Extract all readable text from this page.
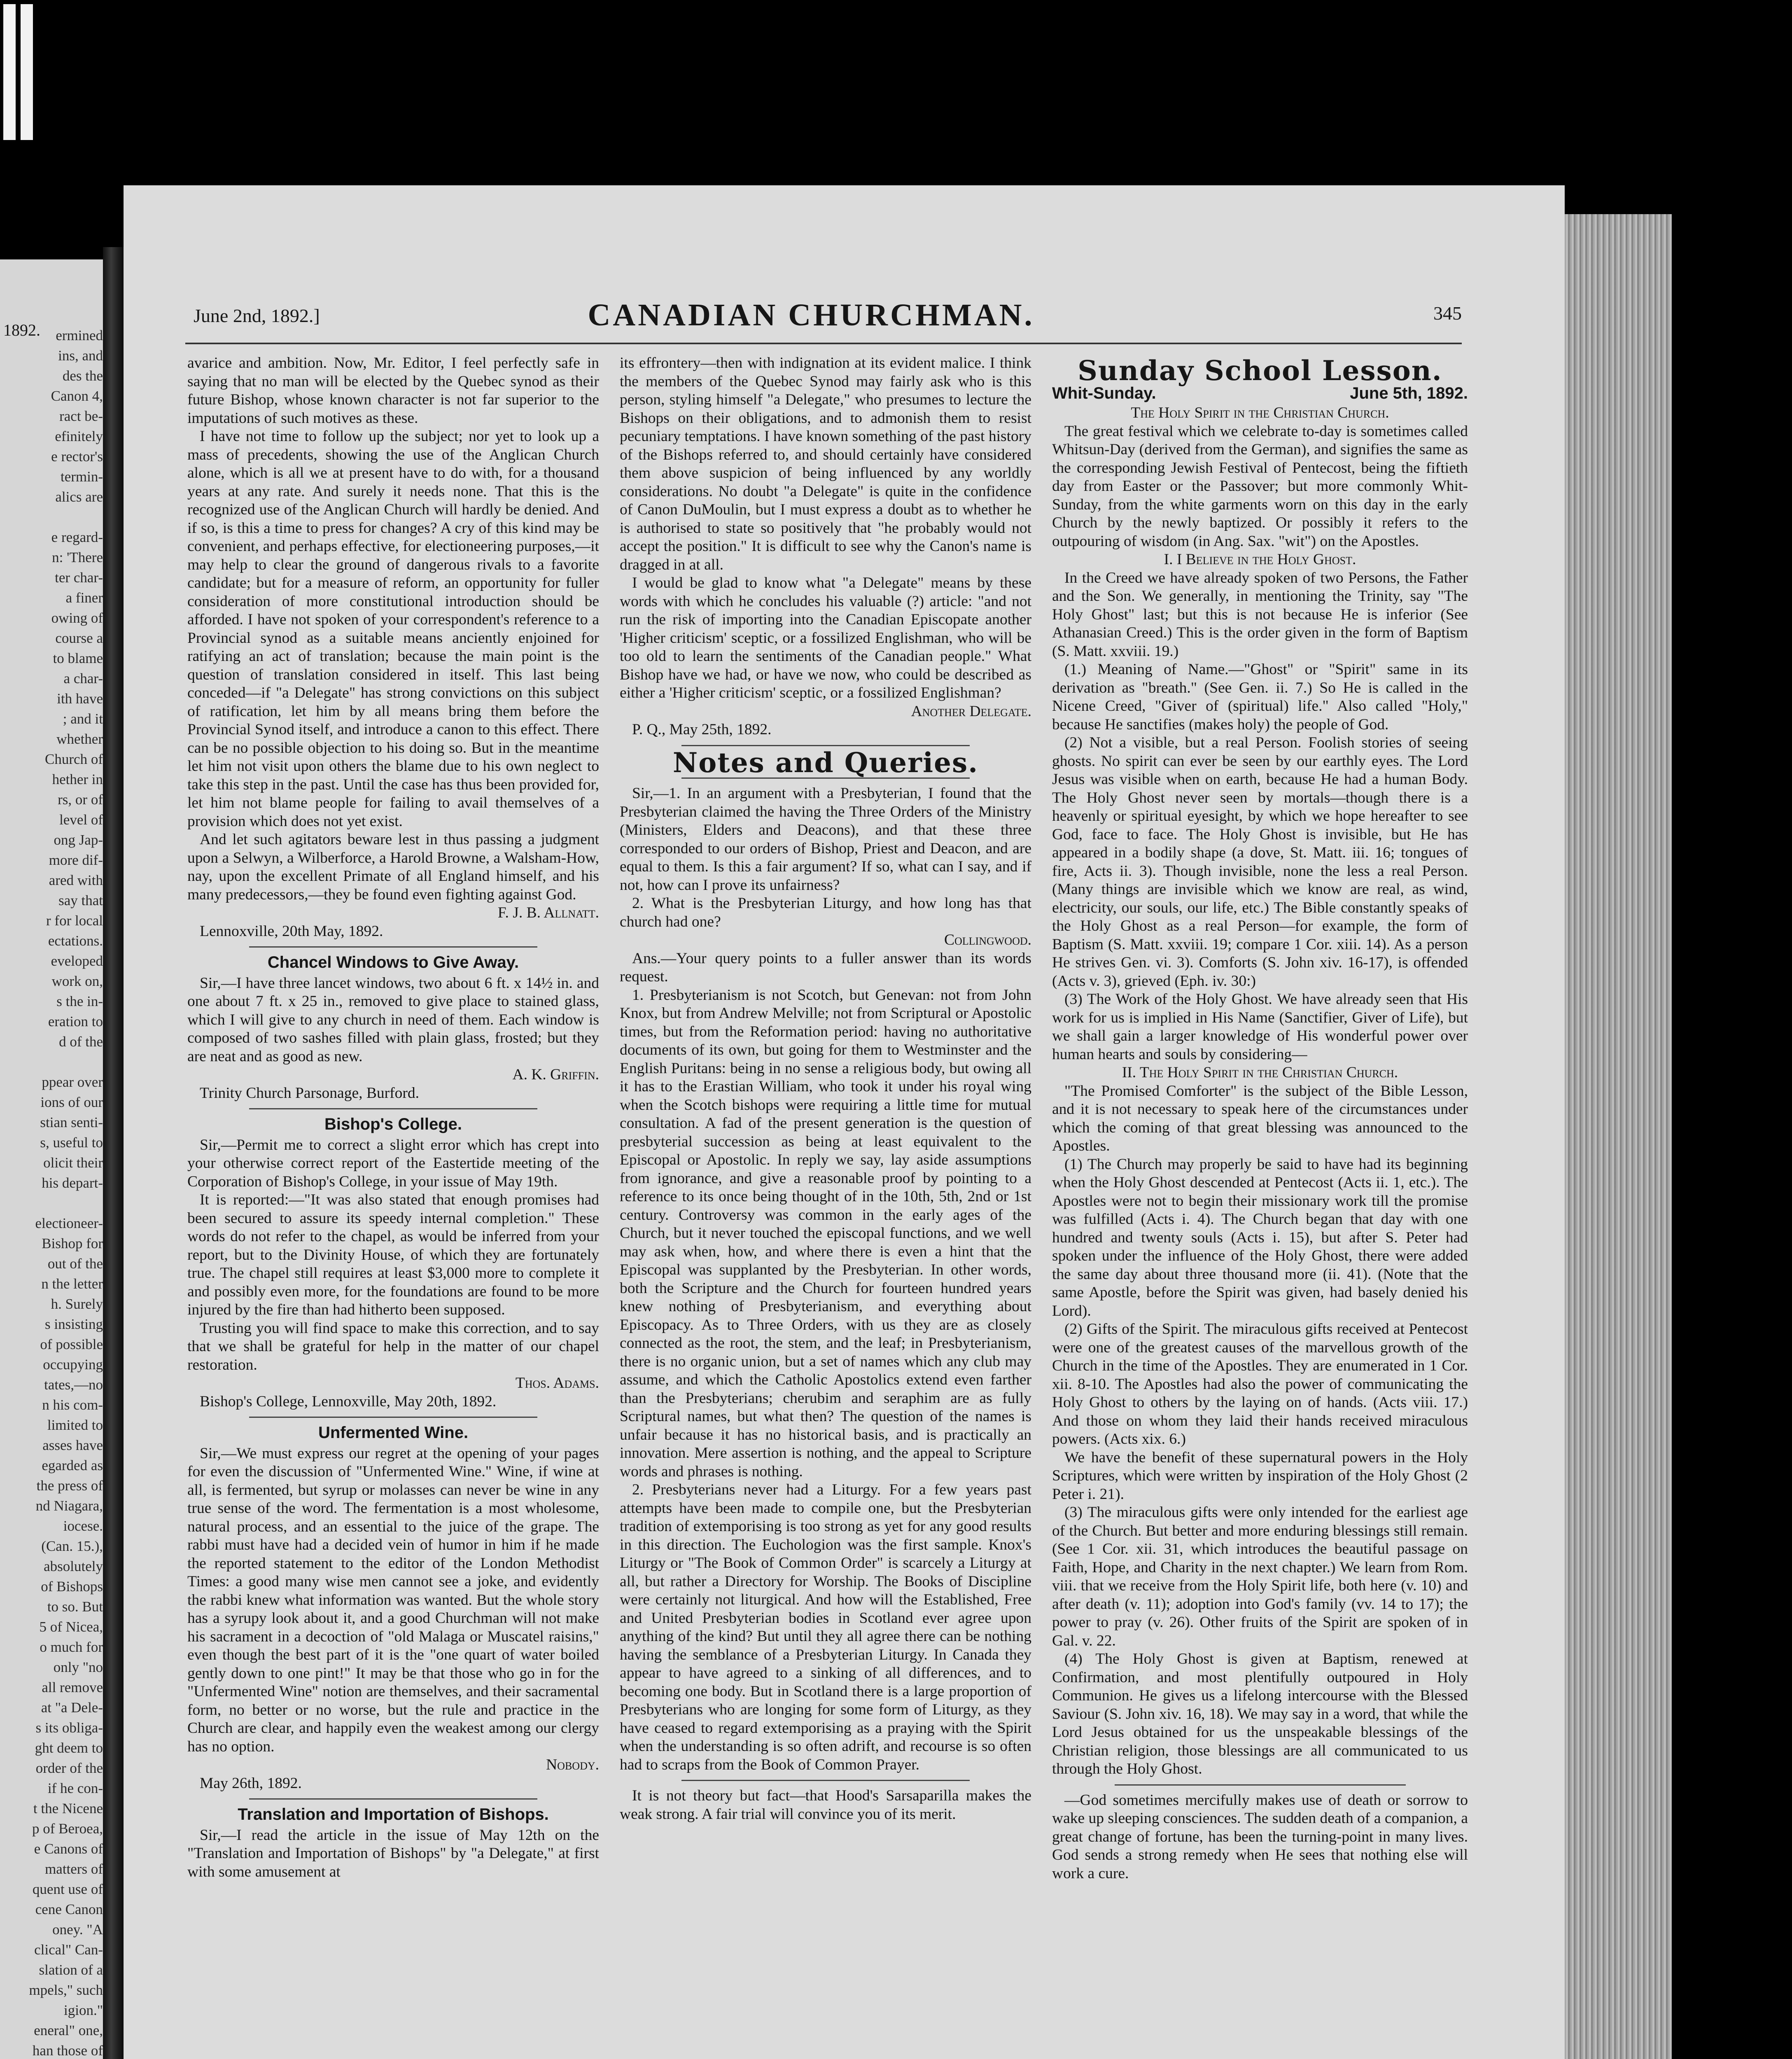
1892.	ermined
ins, and
des the
Canon 4,
ract be-
efinitely
e rector's
termin-
alics are

e regard-
n: 'There
ter char-
a finer
owing of
course a
to blame
a char-
ith have
; and it
whether
Church of
hether in
rs, or of
level of
ong Jap-
more dif-
ared with
say that
r for local
ectations.
eveloped
work on,
s the in-
eration to
d of the

ppear over
ions of our
stian senti-
s, useful to
olicit their
his depart-

electioneer-
Bishop for
out of the
n the letter
h. Surely
s insisting
of possible
occupying
tates,—no
n his com-
limited to
asses have
egarded as
the press of
nd Niagara,
iocese.
(Can. 15.),
absolutely
of Bishops
to so. But
5 of Nicea,
o much for
only "no
all remove
at "a Dele-
s its obliga-
ght deem to
order of the
if he con-
t the Nicene
p of Beroea,
e Canons of
matters of
quent use of
cene Canon
oney. "A
clical" Can-
slation of a
mpels," such
igion."
eneral" one,
han those of

June 2nd, 1892.]	CANADIAN CHURCHMAN.	345

avarice and ambition. Now, Mr. Editor, I feel perfectly safe in saying that no man will be elected by the Quebec synod as their future Bishop, whose known character is not far superior to the imputations of such motives as these.

I have not time to follow up the subject; nor yet to look up a mass of precedents, showing the use of the Anglican Church alone, which is all we at present have to do with, for a thousand years at any rate. And surely it needs none. That this is the recognized use of the Anglican Church will hardly be denied. And if so, is this a time to press for changes? A cry of this kind may be convenient, and perhaps effective, for electioneering purposes,—it may help to clear the ground of dangerous rivals to a favorite candidate; but for a measure of reform, an opportunity for fuller consideration of more constitutional introduction should be afforded. I have not spoken of your correspondent's reference to a Provincial synod as a suitable means anciently enjoined for ratifying an act of translation; because the main point is the question of translation considered in itself. This last being conceded—if "a Delegate" has strong convictions on this subject of ratification, let him by all means bring them before the Provincial Synod itself, and introduce a canon to this effect. There can be no possible objection to his doing so. But in the meantime let him not visit upon others the blame due to his own neglect to take this step in the past. Until the case has thus been provided for, let him not blame people for failing to avail themselves of a provision which does not yet exist.

And let such agitators beware lest in thus passing a judgment upon a Selwyn, a Wilberforce, a Harold Browne, a Walsham-How, nay, upon the excellent Primate of all England himself, and his many predecessors,—they be found even fighting against God.

F. J. B. Allnatt.

Lennoxville, 20th May, 1892.

Chancel Windows to Give Away.

Sir,—I have three lancet windows, two about 6 ft. x 14½ in. and one about 7 ft. x 25 in., removed to give place to stained glass, which I will give to any church in need of them. Each window is composed of two sashes filled with plain glass, frosted; but they are neat and as good as new.

A. K. Griffin.

Trinity Church Parsonage, Burford.

Bishop's College.

Sir,—Permit me to correct a slight error which has crept into your otherwise correct report of the Eastertide meeting of the Corporation of Bishop's College, in your issue of May 19th.

It is reported:—"It was also stated that enough promises had been secured to assure its speedy internal completion." These words do not refer to the chapel, as would be inferred from your report, but to the Divinity House, of which they are fortunately true. The chapel still requires at least $3,000 more to complete it and possibly even more, for the foundations are found to be more injured by the fire than had hitherto been supposed.

Trusting you will find space to make this correction, and to say that we shall be grateful for help in the matter of our chapel restoration.

Thos. Adams.

Bishop's College, Lennoxville, May 20th, 1892.

Unfermented Wine.

Sir,—We must express our regret at the opening of your pages for even the discussion of "Unfermented Wine." Wine, if wine at all, is fermented, but syrup or molasses can never be wine in any true sense of the word. The fermentation is a most wholesome, natural process, and an essential to the juice of the grape. The rabbi must have had a decided vein of humor in him if he made the reported statement to the editor of the London Methodist Times: a good many wise men cannot see a joke, and evidently the rabbi knew what information was wanted. But the whole story has a syrupy look about it, and a good Churchman will not make his sacrament in a decoction of "old Malaga or Muscatel raisins," even though the best part of it is the "one quart of water boiled gently down to one pint!" It may be that those who go in for the "Unfermented Wine" notion are themselves, and their sacramental form, no better or no worse, but the rule and practice in the Church are clear, and happily even the weakest among our clergy has no option.

Nobody.

May 26th, 1892.

Translation and Importation of Bishops.

Sir,—I read the article in the issue of May 12th on the "Translation and Importation of Bishops" by "a Delegate," at first with some amusement at

its effrontery—then with indignation at its evident malice. I think the members of the Quebec Synod may fairly ask who is this person, styling himself "a Delegate," who presumes to lecture the Bishops on their obligations, and to admonish them to resist pecuniary temptations. I have known something of the past history of the Bishops referred to, and should certainly have considered them above suspicion of being influenced by any worldly considerations. No doubt "a Delegate" is quite in the confidence of Canon DuMoulin, but I must express a doubt as to whether he is authorised to state so positively that "he probably would not accept the position." It is difficult to see why the Canon's name is dragged in at all.

I would be glad to know what "a Delegate" means by these words with which he concludes his valuable (?) article: "and not run the risk of importing into the Canadian Episcopate another 'Higher criticism' sceptic, or a fossilized Englishman, who will be too old to learn the sentiments of the Canadian people." What Bishop have we had, or have we now, who could be described as either a 'Higher criticism' sceptic, or a fossilized Englishman?

Another Delegate.

P. Q., May 25th, 1892.

Notes and Queries.

Sir,—1. In an argument with a Presbyterian, I found that the Presbyterian claimed the having the Three Orders of the Ministry (Ministers, Elders and Deacons), and that these three corresponded to our orders of Bishop, Priest and Deacon, and are equal to them. Is this a fair argument? If so, what can I say, and if not, how can I prove its unfairness?

2. What is the Presbyterian Liturgy, and how long has that church had one?

Collingwood.

Ans.—Your query points to a fuller answer than its words request.

1. Presbyterianism is not Scotch, but Genevan: not from John Knox, but from Andrew Melville; not from Scriptural or Apostolic times, but from the Reformation period: having no authoritative documents of its own, but going for them to Westminster and the English Puritans: being in no sense a religious body, but owing all it has to the Erastian William, who took it under his royal wing when the Scotch bishops were requiring a little time for mutual consultation. A fad of the present generation is the question of presbyterial succession as being at least equivalent to the Episcopal or Apostolic. In reply we say, lay aside assumptions from ignorance, and give a reasonable proof by pointing to a reference to its once being thought of in the 10th, 5th, 2nd or 1st century. Controversy was common in the early ages of the Church, but it never touched the episcopal functions, and we well may ask when, how, and where there is even a hint that the Episcopal was supplanted by the Presbyterian. In other words, both the Scripture and the Church for fourteen hundred years knew nothing of Presbyterianism, and everything about Episcopacy. As to Three Orders, with us they are as closely connected as the root, the stem, and the leaf; in Presbyterianism, there is no organic union, but a set of names which any club may assume, and which the Catholic Apostolics extend even farther than the Presbyterians; cherubim and seraphim are as fully Scriptural names, but what then? The question of the names is unfair because it has no historical basis, and is practically an innovation. Mere assertion is nothing, and the appeal to Scripture words and phrases is nothing.

2. Presbyterians never had a Liturgy. For a few years past attempts have been made to compile one, but the Presbyterian tradition of extemporising is too strong as yet for any good results in this direction. The Euchologion was the first sample. Knox's Liturgy or "The Book of Common Order" is scarcely a Liturgy at all, but rather a Directory for Worship. The Books of Discipline were certainly not liturgical. And how will the Established, Free and United Presbyterian bodies in Scotland ever agree upon anything of the kind? But until they all agree there can be nothing having the semblance of a Presbyterian Liturgy. In Canada they appear to have agreed to a sinking of all differences, and to becoming one body. But in Scotland there is a large proportion of Presbyterians who are longing for some form of Liturgy, as they have ceased to regard extemporising as a praying with the Spirit when the understanding is so often adrift, and recourse is so often had to scraps from the Book of Common Prayer.

It is not theory but fact—that Hood's Sarsaparilla makes the weak strong. A fair trial will convince you of its merit.

Sunday School Lesson.
Whit-Sunday.	June 5th, 1892.
The Holy Spirit in the Christian Church.

The great festival which we celebrate to-day is sometimes called Whitsun-Day (derived from the German), and signifies the same as the corresponding Jewish Festival of Pentecost, being the fiftieth day from Easter or the Passover; but more commonly Whit-Sunday, from the white garments worn on this day in the early Church by the newly baptized. Or possibly it refers to the outpouring of wisdom (in Ang. Sax. "wit") on the Apostles.

I. I Believe in the Holy Ghost.

In the Creed we have already spoken of two Persons, the Father and the Son. We generally, in mentioning the Trinity, say "The Holy Ghost" last; but this is not because He is inferior (See Athanasian Creed.) This is the order given in the form of Baptism (S. Matt. xxviii. 19.)

(1.) Meaning of Name.—"Ghost" or "Spirit" same in its derivation as "breath." (See Gen. ii. 7.) So He is called in the Nicene Creed, "Giver of (spiritual) life." Also called "Holy," because He sanctifies (makes holy) the people of God.

(2) Not a visible, but a real Person. Foolish stories of seeing ghosts. No spirit can ever be seen by our earthly eyes. The Lord Jesus was visible when on earth, because He had a human Body. The Holy Ghost never seen by mortals—though there is a heavenly or spiritual eyesight, by which we hope hereafter to see God, face to face. The Holy Ghost is invisible, but He has appeared in a bodily shape (a dove, St. Matt. iii. 16; tongues of fire, Acts ii. 3). Though invisible, none the less a real Person. (Many things are invisible which we know are real, as wind, electricity, our souls, our life, etc.) The Bible constantly speaks of the Holy Ghost as a real Person—for example, the form of Baptism (S. Matt. xxviii. 19; compare 1 Cor. xiii. 14). As a person He strives Gen. vi. 3). Comforts (S. John xiv. 16-17), is offended (Acts v. 3), grieved (Eph. iv. 30:)

(3) The Work of the Holy Ghost. We have already seen that His work for us is implied in His Name (Sanctifier, Giver of Life), but we shall gain a larger knowledge of His wonderful power over human hearts and souls by considering—

II. The Holy Spirit in the Christian Church.

"The Promised Comforter" is the subject of the Bible Lesson, and it is not necessary to speak here of the circumstances under which the coming of that great blessing was announced to the Apostles.

(1) The Church may properly be said to have had its beginning when the Holy Ghost descended at Pentecost (Acts ii. 1, etc.). The Apostles were not to begin their missionary work till the promise was fulfilled (Acts i. 4). The Church began that day with one hundred and twenty souls (Acts i. 15), but after S. Peter had spoken under the influence of the Holy Ghost, there were added the same day about three thousand more (ii. 41). (Note that the same Apostle, before the Spirit was given, had basely denied his Lord).

(2) Gifts of the Spirit. The miraculous gifts received at Pentecost were one of the greatest causes of the marvellous growth of the Church in the time of the Apostles. They are enumerated in 1 Cor. xii. 8-10. The Apostles had also the power of communicating the Holy Ghost to others by the laying on of hands. (Acts viii. 17.) And those on whom they laid their hands received miraculous powers. (Acts xix. 6.)

We have the benefit of these supernatural powers in the Holy Scriptures, which were written by inspiration of the Holy Ghost (2 Peter i. 21).

(3) The miraculous gifts were only intended for the earliest age of the Church. But better and more enduring blessings still remain. (See 1 Cor. xii. 31, which introduces the beautiful passage on Faith, Hope, and Charity in the next chapter.) We learn from Rom. viii. that we receive from the Holy Spirit life, both here (v. 10) and after death (v. 11); adoption into God's family (vv. 14 to 17); the power to pray (v. 26). Other fruits of the Spirit are spoken of in Gal. v. 22.

(4) The Holy Ghost is given at Baptism, renewed at Confirmation, and most plentifully outpoured in Holy Communion. He gives us a lifelong intercourse with the Blessed Saviour (S. John xiv. 16, 18). We may say in a word, that while the Lord Jesus obtained for us the unspeakable blessings of the Christian religion, those blessings are all communicated to us through the Holy Ghost.

—God sometimes mercifully makes use of death or sorrow to wake up sleeping consciences. The sudden death of a companion, a great change of fortune, has been the turning-point in many lives. God sends a strong remedy when He sees that nothing else will work a cure.
